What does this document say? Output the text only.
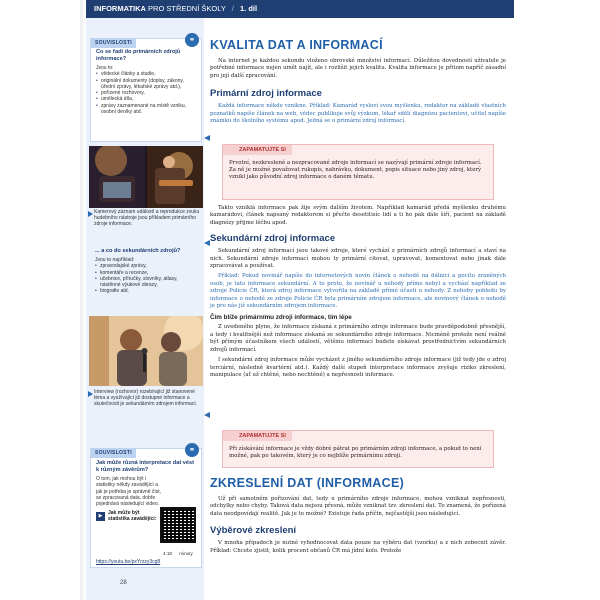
INFORMATIKA PRO STŘEDNÍ ŠKOLY / 1. díl
SOUVISLOSTI	⚭
Co se řadí do primárních zdrojů informace?
Jsou to:
• vědecké články a studie,
• originální dokumenty (doplsy, zákony, úřední zprávy, lékařské zprávy atd.),
• pořízené rozhovory,
• umělecká díla,
• zprávy zaznamenané na místě vzniku, osobní deníky atd.
Kamerový záznam událostí a reprodukce zvuku hudebního nástroje jsou příkladem primárního zdroje informace.
... a co do sekundárních zdrojů?
Jsou to například:
• zpravodajské zprávy,
• komentáře a recenze,
• učebnice, příručky, slovníky, atlasy, nástěnné výukové obrazy,
• biografie atd.
Interview (rozhovor) rozebírající již stanovené téma a využívající již dostupné informace a skutečnosti je sekundárním zdrojem informací.
SOUVISLOSTI	⚭
Jak může různá interpretace dat vést k různým závěrům?
O tom, jak mohou být i statistiky někdy zavádějící a jak je potřeba je správně číst, se zpracovaná data, dobře pojednává následující video.
▶	Jak může být statistika zavádějící:
4:18 minuty
https://youtu.be/pxYrzzy3cg8
28
KVALITA DAT A INFORMACÍ
Na internet je každou sekundu vloženo obrovské množství informací. Důležitou dovedností uživatele je potřebné informace nejen umět najít, ale i rozlišit jejich kvalitu. Kvalita informace je přitom napříč zásadní pro její další zpracování.
Primární zdroj informace
Každá informace někde vznikne. Příklad: Kamarád vysloví svou myšlenku, redaktor na základě vlastních poznatků napíše článek na web, vědec publikuje svůj výzkum, lékař sdělí diagnózu pacientovi, učitel napíše známku do školního systému apod. Jedná se o primární zdroj informací.
!
ZAPAMATUJTE SI
Prvotní, nezkreslené a nezpracované zdroje informací se nazývají primární zdroje informací. Za ně je možné považovat rukopis, nahrávku, dokument, popis situace nebo jiný zdroj, který vznikl jako původní zdroj informace o daném tématu.
Takto vzniklá informace pak žije svým dalším životem. Například kamarád předá myšlenku druhému kamarádovi, článek napsaný redaktorem si přečte desetitisíc lidí a ti ho pak dále šíří, pacient na základě diagnózy přijme léčbu apod.
Sekundární zdroj informace
Sekundární zdroj informací jsou takové zdroje, které vychází z primárních zdrojů informací a staví na nich. Sekundární zdroje informací mohou ty primární citovat, upravovat, komentovat nebo jinak dále zpracovávat a používat.
Příklad: Pokud novinář napíše do internetových novin článek o nehodě na dálnici a pocítu zraněných osob, je tato informace sekundární. A to proto, že novinář u nehody přímo nebyl a vychází například ze zdroje Policie ČR, která zdroj informace vytvořila na základě přímé účasti u nehody. Z nehoby pobledu by informace o nehodě ze zdroje Policie ČR byla primárním zdrojem informace, ale novinový článek o nehodě je pro nás již sekundárním zdrojem informace.
Čím blíže primárnímu zdroji informace, tím lépe
Z uvedeného plyne, že informace získaná z primárního zdroje informace bude pravděpodobně přesnější, a tedy i kvalitnější než informace získaná ze sekundárního zdroje informace. Nicméně protože není reálné být přímým účastníkem všech událostí, většinu informací budete získávat prostřednictvím sekundárních zdrojů informací.
I sekundární zdroj informace může vycházet z jiného sekundárního zdroje informace (již tedy jde o zdroj terciární, následně kvartérní atd.). Každý další stupeň interpretace informace zvyšuje riziko zkreslení, manipulace (ať už chtěné, nebo nechtěné) a nepřesnosti informace.
!
ZAPAMATUJTE SI
Při získávání informace je vždy dobré pátrat po primárním zdroji informace, a pokud to není možné, pak po takovém, který je co nejblíže primárnímu zdroji.
ZKRESLENÍ DAT (INFORMACE)
Už při samotném pořizování dat, tedy u primárního zdroje informace, mohou vzniknat nepřesnosti, odchylky nebo chyby. Taková data nejsou přesná, může vzniknat tzv. zkreslení dat. To znamená, že pořízená data neodpovídají realitě. Jak je to možné? Existuje řada příčin, nejčastější jsou následující.
Výběrové zkreslení
V mnoha případech je nutné vyhodnocovat data pouze na výběru dat (vzorku) a z nich zobecnit závěr. Příklad: Chcete zjistit, kolik procent občanů ČR má jídní kolo. Protože
